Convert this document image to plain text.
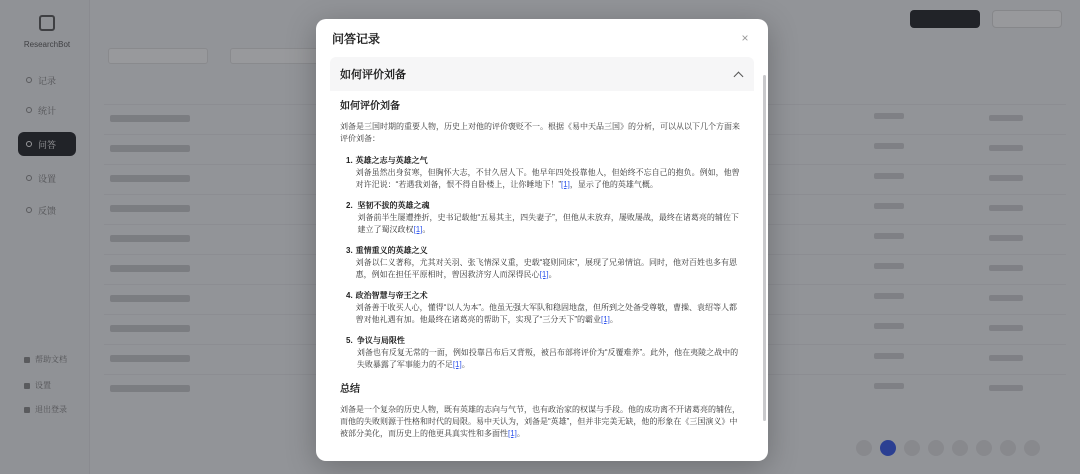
ResearchBot
记录
统计
问答
设置
反馈
帮助文档
设置
退出登录
问答记录	×
如何评价刘备
如何评价刘备
刘备是三国时期的重要人物，历史上对他的评价褒贬不一。根据《易中天品三国》的分析，可以从以下几个方面来评价刘备：
1. 英雄之志与英雄之气
刘备虽然出身贫寒，但胸怀大志，不甘久居人下。他早年四处投靠他人，但始终不忘自己的抱负。例如，他曾对许汜说：“若遇我刘备，恨不得自卧楼上，让你睡地下！”[1]，显示了他的英雄气概。
2. 坚韧不拔的英雄之魂
刘备前半生屡遭挫折，史书记载他“五易其主，四失妻子”，但他从未放弃，屡败屡战，最终在诸葛亮的辅佐下建立了蜀汉政权[1]。
3. 重情重义的英雄之义
刘备以仁义著称，尤其对关羽、张飞情深义重，史载“寝则同床”，展现了兄弟情谊。同时，他对百姓也多有恩惠，例如在担任平原相时，曾因救济穷人而深得民心[1]。
4. 政治智慧与帝王之术
刘备善于收买人心，懂得“以人为本”。他虽无强大军队和稳固地盘，但所到之处备受尊敬，曹操、袁绍等人都曾对他礼遇有加。他最终在诸葛亮的帮助下，实现了“三分天下”的霸业[1]。
5. 争议与局限性
刘备也有反复无常的一面，例如投靠吕布后又背叛，被吕布部将评价为“反覆难养”。此外，他在夷陵之战中的失败暴露了军事能力的不足[1]。
总结
刘备是一个复杂的历史人物，既有英雄的志向与气节，也有政治家的权谋与手段。他的成功离不开诸葛亮的辅佐，而他的失败则源于性格和时代的局限。易中天认为，刘备是“英雄”，但并非完美无缺，他的形象在《三国演义》中被部分美化，而历史上的他更具真实性和多面性[1]。
